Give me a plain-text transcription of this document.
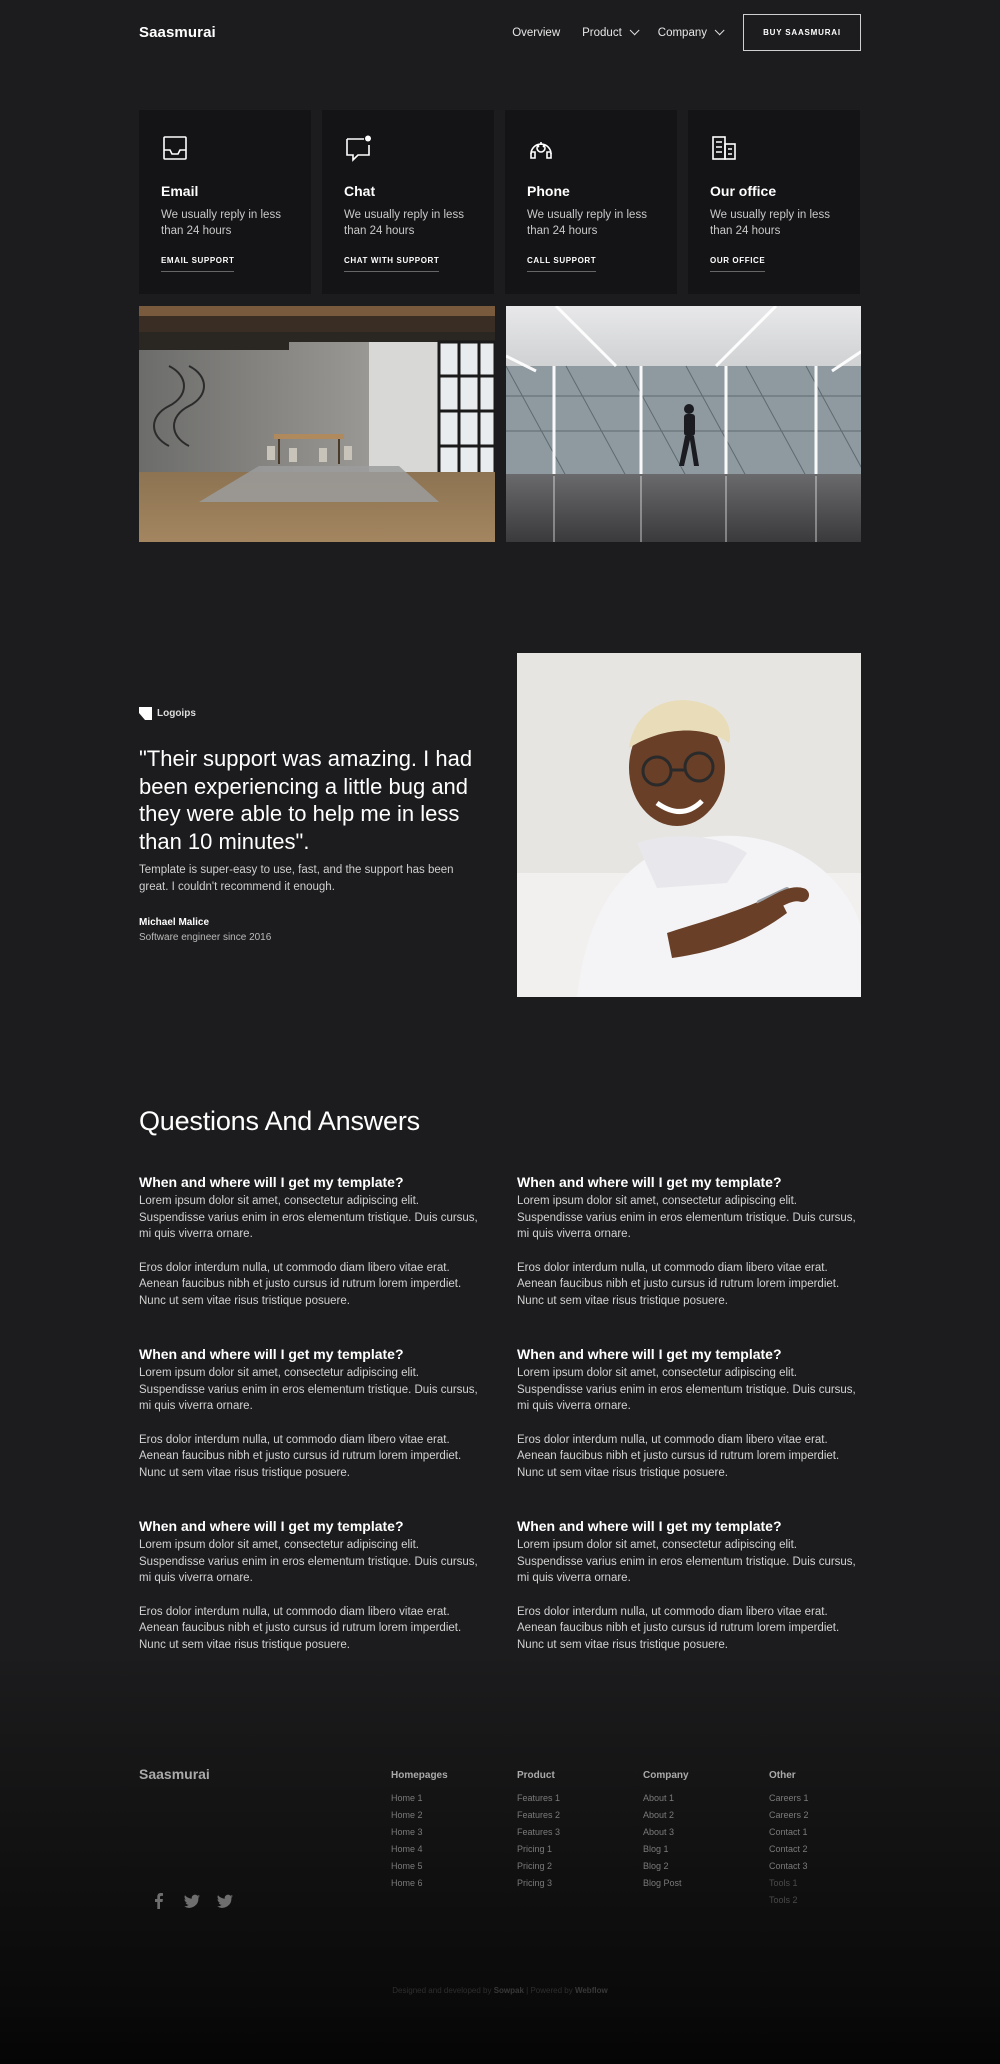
Saasmurai	Overview Product	Company	BUY SAASMURAI
Email

We usually reply in less than 24 hours

EMAIL SUPPORT
Chat

We usually reply in less than 24 hours

CHAT WITH SUPPORT
Phone

We usually reply in less than 24 hours

CALL SUPPORT
Our office

We usually reply in less than 24 hours

OUR OFFICE
Logoips
"Their support was amazing. I had been experiencing a little bug and they were able to help me in less than 10 minutes".
Template is super-easy to use, fast, and the support has been great. I couldn't recommend it enough.
Michael Malice
Software engineer since 2016
Questions And Answers
When and where will I get my template?

Lorem ipsum dolor sit amet, consectetur adipiscing elit. Suspendisse varius enim in eros elementum tristique. Duis cursus, mi quis viverra ornare.

Eros dolor interdum nulla, ut commodo diam libero vitae erat. Aenean faucibus nibh et justo cursus id rutrum lorem imperdiet. Nunc ut sem vitae risus tristique posuere.

When and where will I get my template?

Lorem ipsum dolor sit amet, consectetur adipiscing elit. Suspendisse varius enim in eros elementum tristique. Duis cursus, mi quis viverra ornare.

Eros dolor interdum nulla, ut commodo diam libero vitae erat. Aenean faucibus nibh et justo cursus id rutrum lorem imperdiet. Nunc ut sem vitae risus tristique posuere.

When and where will I get my template?

Lorem ipsum dolor sit amet, consectetur adipiscing elit. Suspendisse varius enim in eros elementum tristique. Duis cursus, mi quis viverra ornare.

Eros dolor interdum nulla, ut commodo diam libero vitae erat. Aenean faucibus nibh et justo cursus id rutrum lorem imperdiet. Nunc ut sem vitae risus tristique posuere.

When and where will I get my template?

Lorem ipsum dolor sit amet, consectetur adipiscing elit. Suspendisse varius enim in eros elementum tristique. Duis cursus, mi quis viverra ornare.

Eros dolor interdum nulla, ut commodo diam libero vitae erat. Aenean faucibus nibh et justo cursus id rutrum lorem imperdiet. Nunc ut sem vitae risus tristique posuere.

When and where will I get my template?

Lorem ipsum dolor sit amet, consectetur adipiscing elit. Suspendisse varius enim in eros elementum tristique. Duis cursus, mi quis viverra ornare.

Eros dolor interdum nulla, ut commodo diam libero vitae erat. Aenean faucibus nibh et justo cursus id rutrum lorem imperdiet. Nunc ut sem vitae risus tristique posuere.

When and where will I get my template?

Lorem ipsum dolor sit amet, consectetur adipiscing elit. Suspendisse varius enim in eros elementum tristique. Duis cursus, mi quis viverra ornare.

Eros dolor interdum nulla, ut commodo diam libero vitae erat. Aenean faucibus nibh et justo cursus id rutrum lorem imperdiet. Nunc ut sem vitae risus tristique posuere.

Saasmurai	Homepages
Home 1
Home 2
Home 3
Home 4
Home 5
Home 6
Product
Features 1
Features 2
Features 3
Pricing 1
Pricing 2
Pricing 3
Company
About 1
About 2
About 3
Blog 1
Blog 2
Blog Post
Other
Careers 1
Careers 2
Contact 1
Contact 2
Contact 3
Tools 1
Tools 2
Designed and developed by Sowpak | Powered by Webflow
